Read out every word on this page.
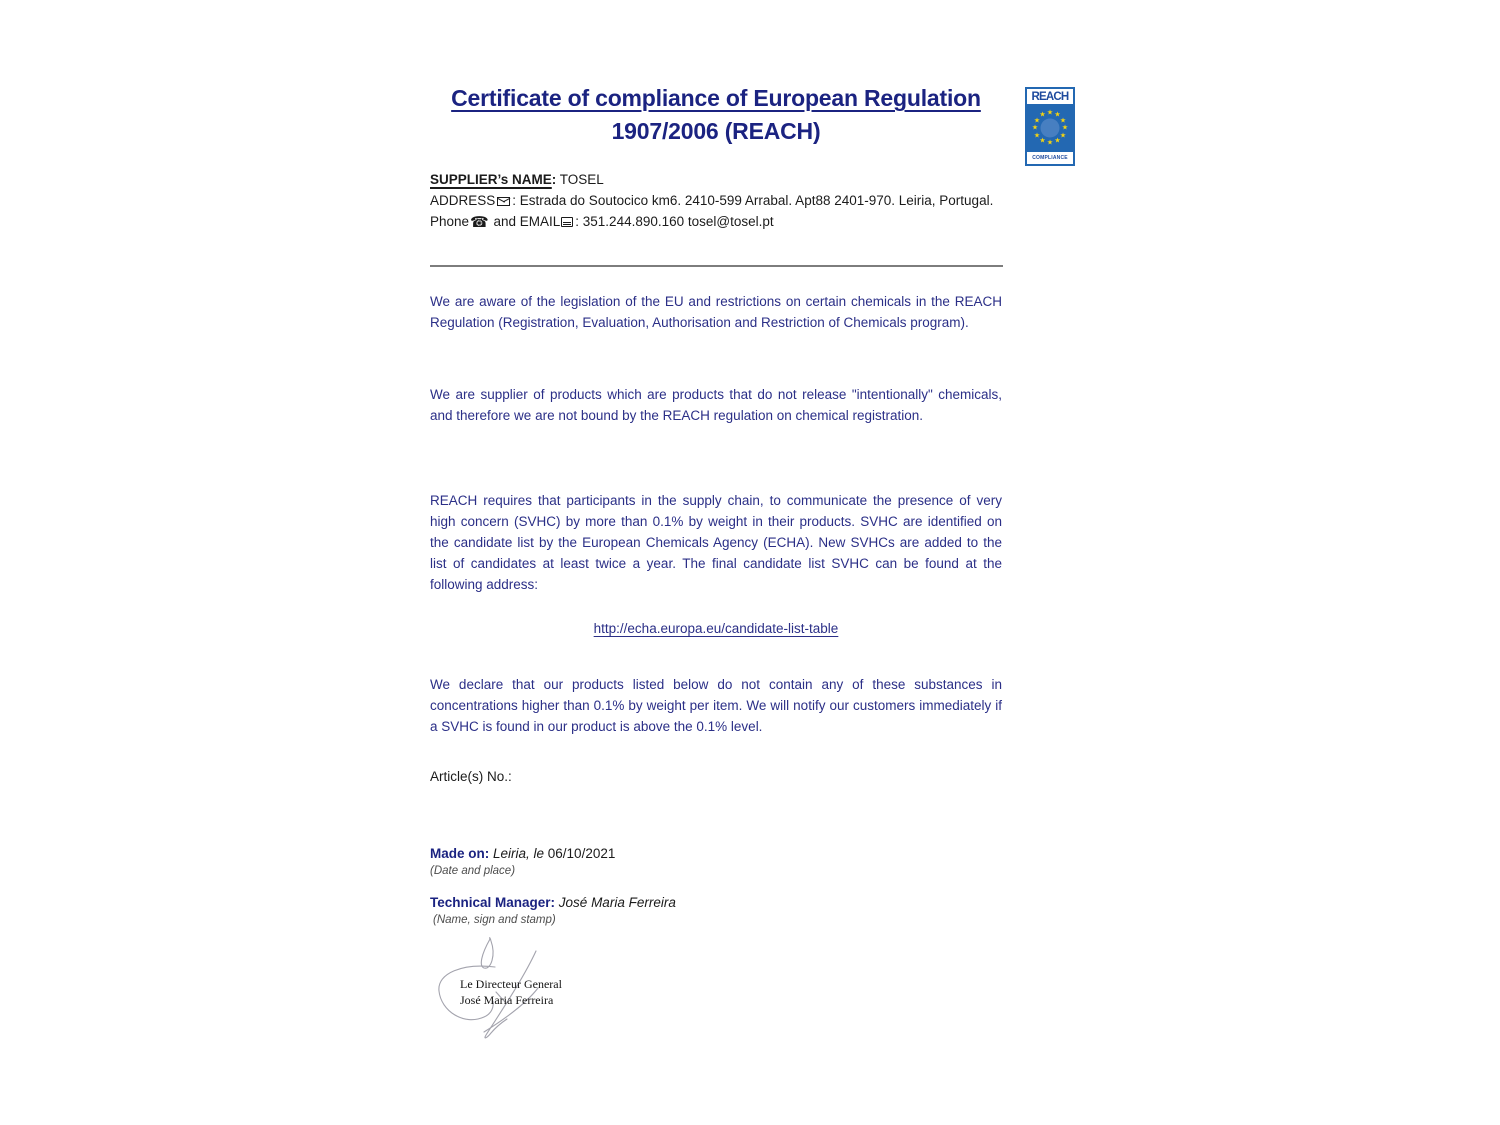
Certificate of compliance of European Regulation
1907/2006 (REACH)
REACH
★ ★
★
★
★
★
★
★
★
★
★
★
COMPLIANCE
SUPPLIER’s NAME: TOSEL
ADDRESS : Estrada do Soutocico km6. 2410-599 Arrabal. Apt88 2401-970. Leiria, Portugal.
Phone☎ and EMAIL : 351.244.890.160 tosel@tosel.pt
We are aware of the legislation of the EU and restrictions on certain chemicals in the REACH Regulation (Registration, Evaluation, Authorisation and Restriction of Chemicals program).
We are supplier of products which are products that do not release "intentionally" chemicals, and therefore we are not bound by the REACH regulation on chemical registration.
REACH requires that participants in the supply chain, to communicate the presence of very high concern (SVHC) by more than 0.1% by weight in their products. SVHC are identified on the candidate list by the European Chemicals Agency (ECHA). New SVHCs are added to the list of candidates at least twice a year. The final candidate list SVHC can be found at the following address:
http://echa.europa.eu/candidate-list-table
We declare that our products listed below do not contain any of these substances in concentrations higher than 0.1% by weight per item. We will notify our customers immediately if a SVHC is found in our product is above the 0.1% level.
Article(s) No.:
Made on: Leiria, le 06/10/2021
(Date and place)
Technical Manager: José Maria Ferreira
(Name, sign and stamp)
Le Directeur General
José Maria Ferreira
